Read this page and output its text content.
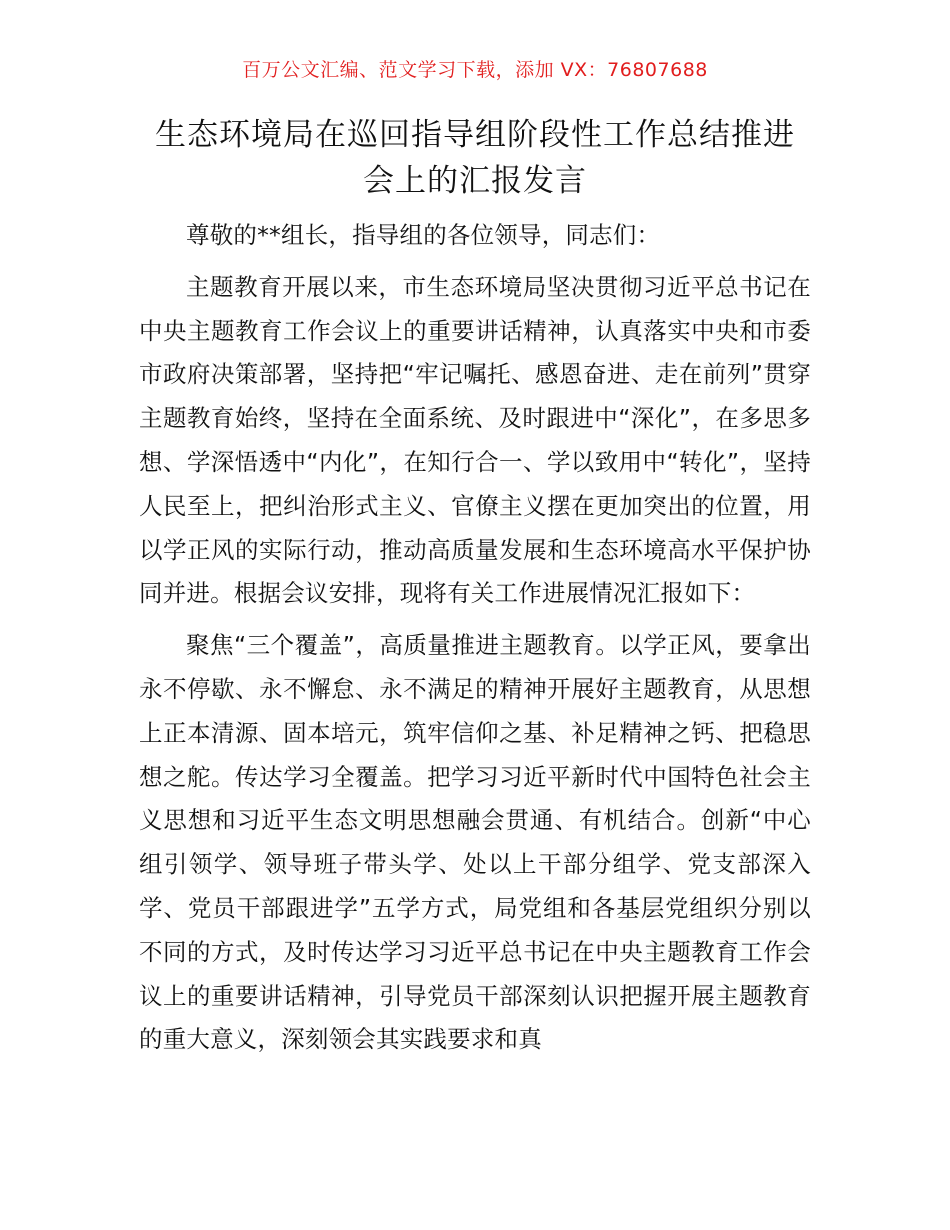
百万公文汇编、范文学习下载，添加 VX：76807688
生态环境局在巡回指导组阶段性工作总结推进
会上的汇报发言

尊敬的**组长，指导组的各位领导，同志们：

主题教育开展以来，市生态环境局坚决贯彻习近平总书记在中央主题教育工作会议上的重要讲话精神，认真落实中央和市委市政府决策部署，坚持把“牢记嘱托、感恩奋进、走在前列”贯穿主题教育始终，坚持在全面系统、及时跟进中“深化”，在多思多想、学深悟透中“内化”，在知行合一、学以致用中“转化”，坚持人民至上，把纠治形式主义、官僚主义摆在更加突出的位置，用以学正风的实际行动，推动高质量发展和生态环境高水平保护协同并进。根据会议安排，现将有关工作进展情况汇报如下：

聚焦“三个覆盖”，高质量推进主题教育。以学正风，要拿出永不停歇、永不懈怠、永不满足的精神开展好主题教育，从思想上正本清源、固本培元，筑牢信仰之基、补足精神之钙、把稳思想之舵。传达学习全覆盖。把学习习近平新时代中国特色社会主义思想和习近平生态文明思想融会贯通、有机结合。创新“中心组引领学、领导班子带头学、处以上干部分组学、党支部深入学、党员干部跟进学”五学方式，局党组和各基层党组织分别以不同的方式，及时传达学习习近平总书记在中央主题教育工作会议上的重要讲话精神，引导党员干部深刻认识把握开展主题教育的重大意义，深刻领会其实践要求和真
